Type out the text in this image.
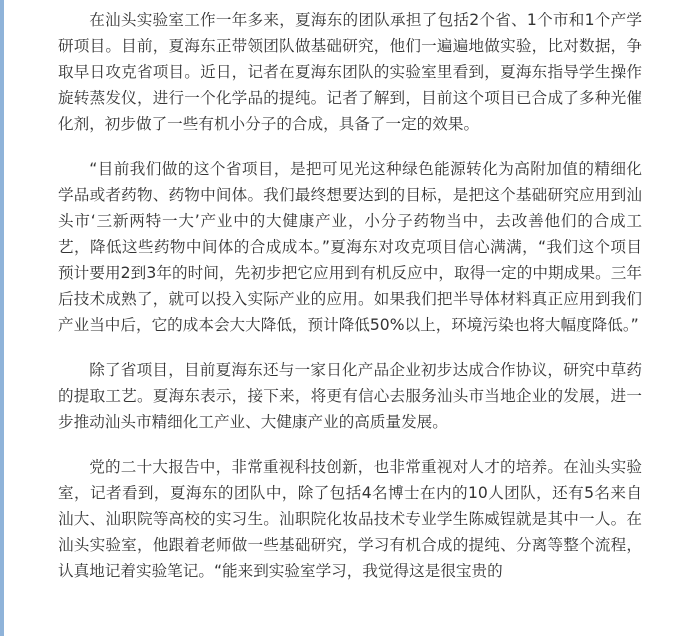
在汕头实验室工作一年多来，夏海东的团队承担了包括2个省、1个市和1个产学研项目。目前，夏海东正带领团队做基础研究，他们一遍遍地做实验，比对数据，争取早日攻克省项目。近日，记者在夏海东团队的实验室里看到，夏海东指导学生操作旋转蒸发仪，进行一个化学品的提纯。记者了解到，目前这个项目已合成了多种光催化剂，初步做了一些有机小分子的合成，具备了一定的效果。

“目前我们做的这个省项目，是把可见光这种绿色能源转化为高附加值的精细化学品或者药物、药物中间体。我们最终想要达到的目标，是把这个基础研究应用到汕头市‘三新两特一大’产业中的大健康产业，小分子药物当中，去改善他们的合成工艺，降低这些药物中间体的合成成本。”夏海东对攻克项目信心满满，“我们这个项目预计要用2到3年的时间，先初步把它应用到有机反应中，取得一定的中期成果。三年后技术成熟了，就可以投入实际产业的应用。如果我们把半导体材料真正应用到我们产业当中后，它的成本会大大降低，预计降低50%以上，环境污染也将大幅度降低。”

除了省项目，目前夏海东还与一家日化产品企业初步达成合作协议，研究中草药的提取工艺。夏海东表示，接下来，将更有信心去服务汕头市当地企业的发展，进一步推动汕头市精细化工产业、大健康产业的高质量发展。

党的二十大报告中，非常重视科技创新，也非常重视对人才的培养。在汕头实验室，记者看到，夏海东的团队中，除了包括4名博士在内的10人团队，还有5名来自汕大、汕职院等高校的实习生。汕职院化妆品技术专业学生陈威锃就是其中一人。在汕头实验室，他跟着老师做一些基础研究，学习有机合成的提纯、分离等整个流程，认真地记着实验笔记。“能来到实验室学习，我觉得这是很宝贵的
